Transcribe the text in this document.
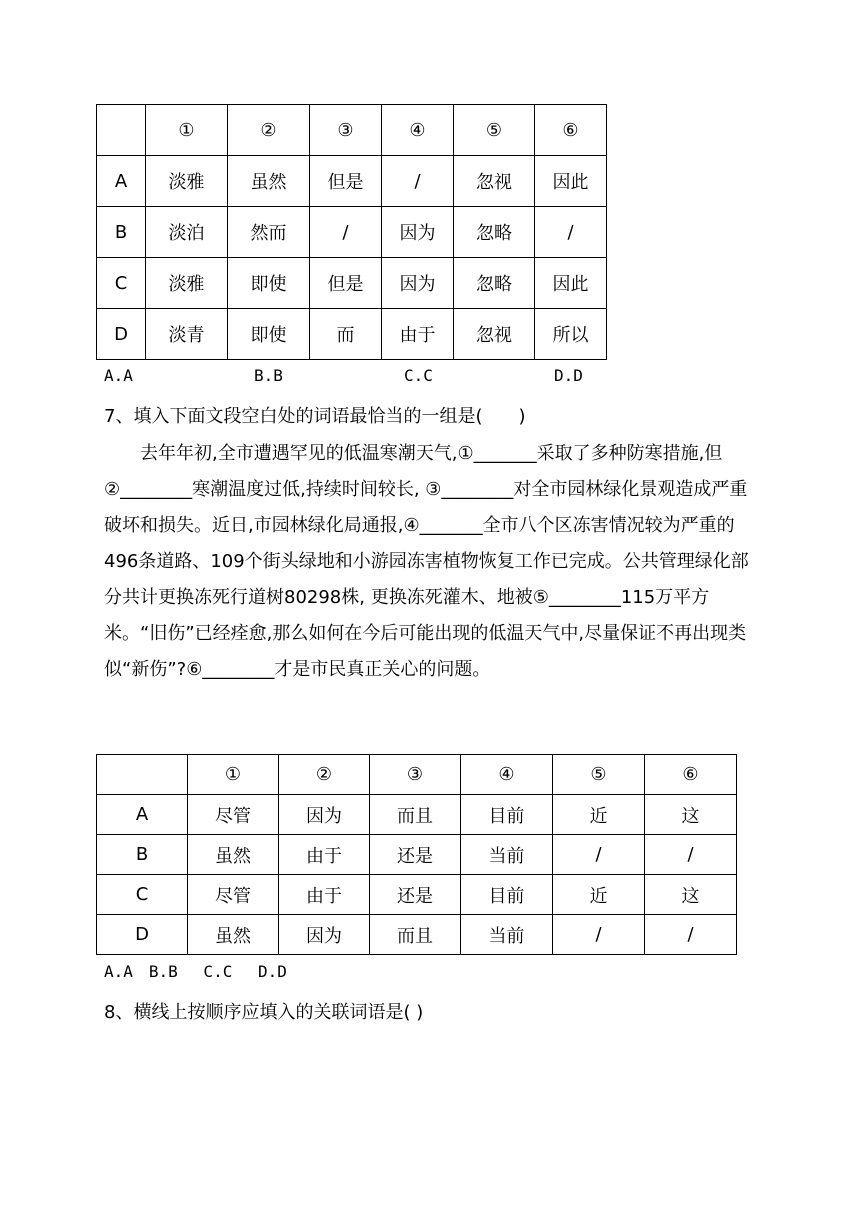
	①	②	③	④	⑤	⑥
A	淡雅	虽然	但是	/	忽视	因此
B	淡泊	然而	/	因为	忽略	/
C	淡雅	即使	但是	因为	忽略	因此
D	淡青	即使	而	由于	忽视	所以
A.A	B.B	C.C	D.D
7、填入下面文段空白处的词语最恰当的一组是(　　)
去年年初,全市遭遇罕见的低温寒潮天气,①_______采取了多种防寒措施,但②________寒潮温度过低,持续时间较长, ③________对全市园林绿化景观造成严重破坏和损失。近日,市园林绿化局通报,④_______全市八个区冻害情况较为严重的496条道路、109个街头绿地和小游园冻害植物恢复工作已完成。公共管理绿化部分共计更换冻死行道树80298株, 更换冻死灌木、地被⑤________115万平方米。“旧伤”已经痊愈,那么如何在今后可能出现的低温天气中,尽量保证不再出现类似“新伤”?⑥________才是市民真正关心的问题。
	①	②	③	④	⑤	⑥
A	尽管	因为	而且	目前	近	这
B	虽然	由于	还是	当前	/	/
C	尽管	由于	还是	目前	近	这
D	虽然	因为	而且	当前	/	/
A.A　B.B　 C.C　 D.D
8、横线上按顺序应填入的关联词语是( )
